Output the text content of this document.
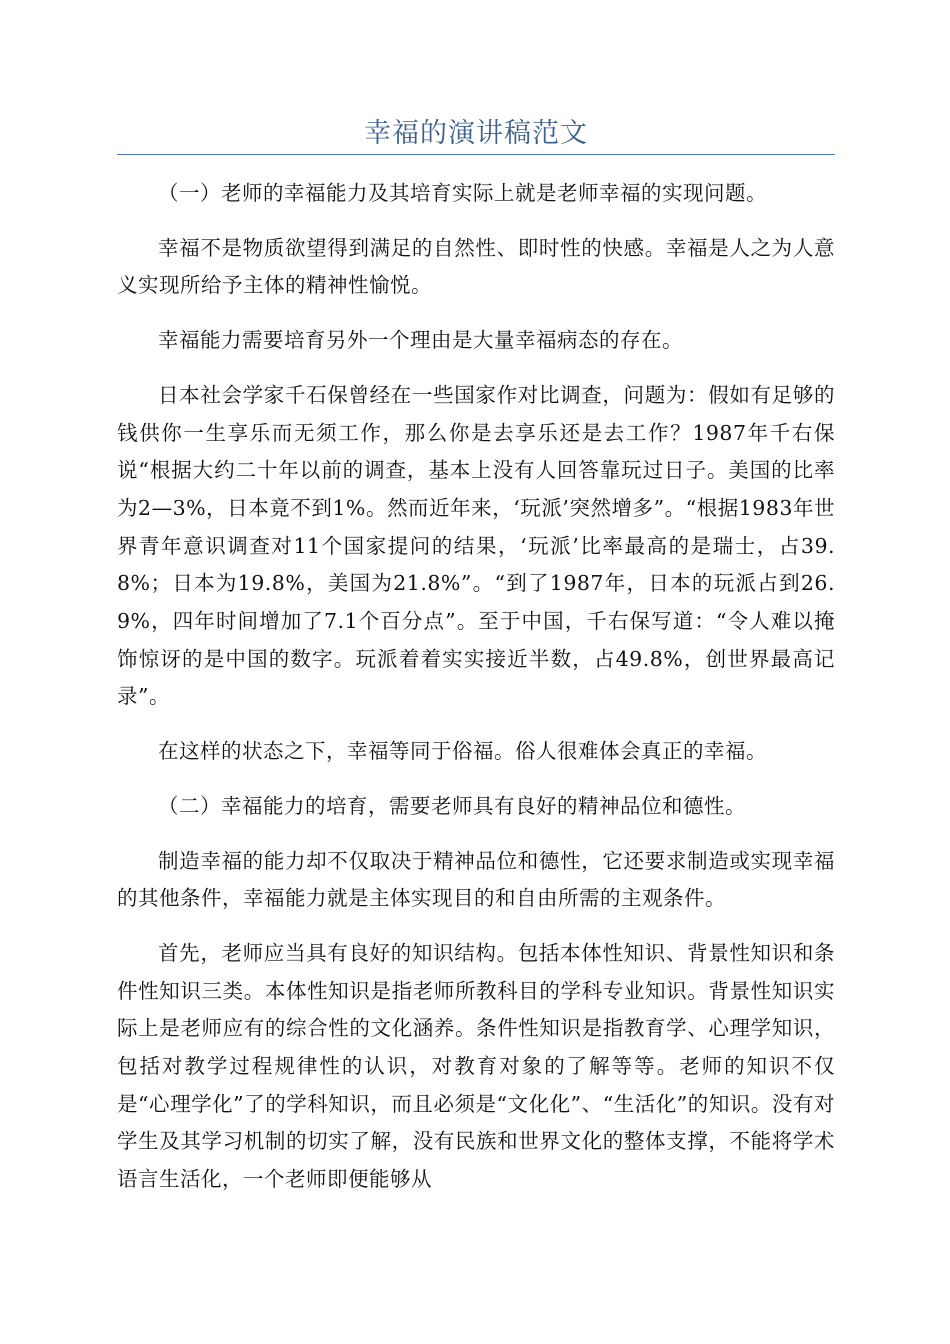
幸福的演讲稿范文

（一）老师的幸福能力及其培育实际上就是老师幸福的实现问题。

幸福不是物质欲望得到满足的自然性、即时性的快感。幸福是人之为人意义实现所给予主体的精神性愉悦。

幸福能力需要培育另外一个理由是大量幸福病态的存在。

日本社会学家千石保曾经在一些国家作对比调查，问题为：假如有足够的钱供你一生享乐而无须工作，那么你是去享乐还是去工作？1987年千右保说“根据大约二十年以前的调查，基本上没有人回答靠玩过日子。美国的比率为2—3%，日本竟不到1%。然而近年来，‘玩派’突然增多”。“根据1983年世界青年意识调查对11个国家提问的结果，‘玩派’比率最高的是瑞士，占39.8%；日本为19.8%，美国为21.8%”。“到了1987年，日本的玩派占到26.9%，四年时间增加了7.1个百分点”。至于中国，千右保写道：“令人难以掩饰惊讶的是中国的数字。玩派着着实实接近半数，占49.8%，创世界最高记录”。

在这样的状态之下，幸福等同于俗福。俗人很难体会真正的幸福。

（二）幸福能力的培育，需要老师具有良好的精神品位和德性。

制造幸福的能力却不仅取决于精神品位和德性，它还要求制造或实现幸福的其他条件，幸福能力就是主体实现目的和自由所需的主观条件。

首先，老师应当具有良好的知识结构。包括本体性知识、背景性知识和条件性知识三类。本体性知识是指老师所教科目的学科专业知识。背景性知识实际上是老师应有的综合性的文化涵养。条件性知识是指教育学、心理学知识，包括对教学过程规律性的认识，对教育对象的了解等等。老师的知识不仅是“心理学化”了的学科知识，而且必须是“文化化”、“生活化”的知识。没有对学生及其学习机制的切实了解，没有民族和世界文化的整体支撑，不能将学术语言生活化，一个老师即便能够从
